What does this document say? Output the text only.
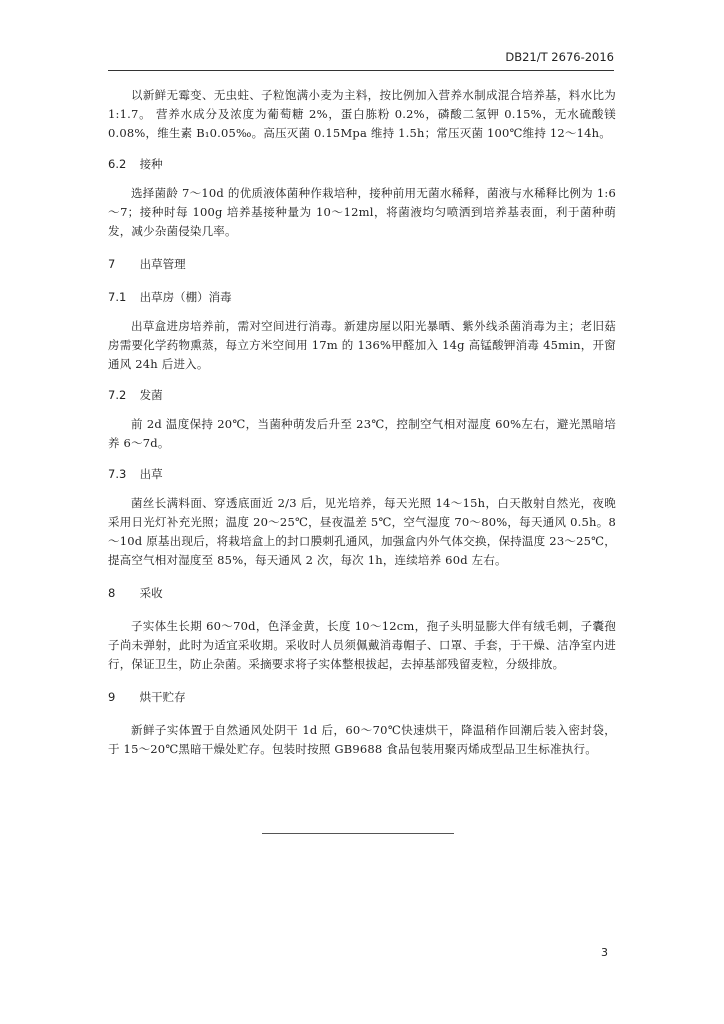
DB21/T 2676-2016

以新鲜无霉变、无虫蛀、子粒饱满小麦为主料，按比例加入营养水制成混合培养基，料水比为 1:1.7。 营养水成分及浓度为葡萄糖 2%，蛋白胨粉 0.2%，磷酸二氢钾 0.15%，无水硫酸镁 0.08%，维生素 B₁0.05‰。高压灭菌 0.15Mpa 维持 1.5h；常压灭菌 100℃维持 12～14h。

6.2 接种

选择菌龄 7～10d 的优质液体菌种作栽培种，接种前用无菌水稀释，菌液与水稀释比例为 1:6～7；接种时每 100g 培养基接种量为 10～12ml，将菌液均匀喷洒到培养基表面，利于菌种萌发，减少杂菌侵染几率。

7 出草管理
7.1 出草房（棚）消毒

出草盒进房培养前，需对空间进行消毒。新建房屋以阳光暴晒、紫外线杀菌消毒为主；老旧菇房需要化学药物熏蒸，每立方米空间用 17m 的 136%甲醛加入 14g 高锰酸钾消毒 45min，开窗通风 24h 后进入。

7.2 发菌

前 2d 温度保持 20℃，当菌种萌发后升至 23℃，控制空气相对湿度 60%左右，避光黑暗培养 6～7d。

7.3 出草

菌丝长满料面、穿透底面近 2/3 后，见光培养，每天光照 14～15h，白天散射自然光，夜晚采用日光灯补充光照；温度 20～25℃，昼夜温差 5℃，空气湿度 70～80%，每天通风 0.5h。8～10d 原基出现后，将栽培盒上的封口膜刺孔通风，加强盒内外气体交换，保持温度 23～25℃，提高空气相对湿度至 85%，每天通风 2 次，每次 1h，连续培养 60d 左右。

8 采收

子实体生长期 60～70d，色泽金黄，长度 10～12cm，孢子头明显膨大伴有绒毛刺，子囊孢子尚未弹射，此时为适宜采收期。采收时人员须佩戴消毒帽子、口罩、手套，于干燥、洁净室内进行，保证卫生，防止杂菌。采摘要求将子实体整根拔起，去掉基部残留麦粒，分级排放。

9 烘干贮存

新鲜子实体置于自然通风处阴干 1d 后，60～70℃快速烘干，降温稍作回潮后装入密封袋，于 15～20℃黑暗干燥处贮存。包装时按照 GB9688 食品包装用聚丙烯成型品卫生标准执行。

3
